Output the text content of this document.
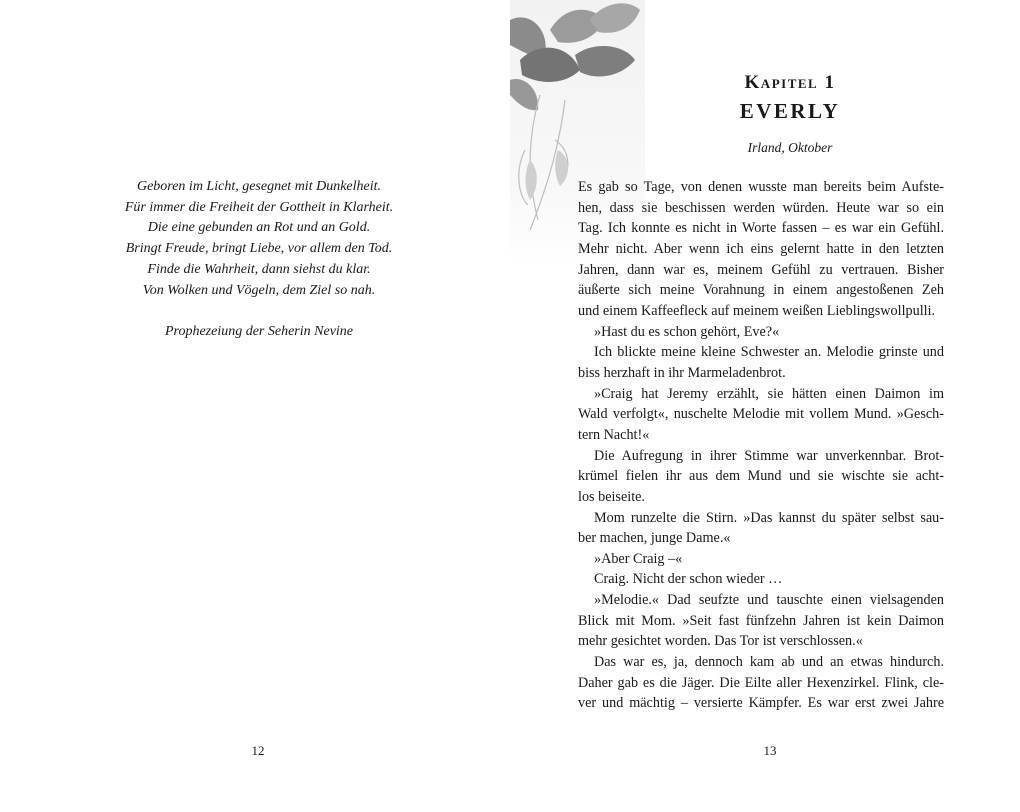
Geboren im Licht, gesegnet mit Dunkelheit.
Für immer die Freiheit der Gottheit in Klarheit.
Die eine gebunden an Rot und an Gold.
Bringt Freude, bringt Liebe, vor allem den Tod.
Finde die Wahrheit, dann siehst du klar.
Von Wolken und Vögeln, dem Ziel so nah.

Prophezeiung der Seherin Nevine

12
Kapitel 1
EVERLY

Irland, Oktober

Es gab so Tage, von denen wusste man bereits beim Aufste-
hen, dass sie beschissen werden würden. Heute war so ein
Tag. Ich konnte es nicht in Worte fassen – es war ein Gefühl.
Mehr nicht. Aber wenn ich eins gelernt hatte in den letzten
Jahren, dann war es, meinem Gefühl zu vertrauen. Bisher
äußerte sich meine Vorahnung in einem angestoßenen Zeh
und einem Kaffeefleck auf meinem weißen Lieblingswollpulli.
»Hast du es schon gehört, Eve?«
Ich blickte meine kleine Schwester an. Melodie grinste und
biss herzhaft in ihr Marmeladenbrot.
»Craig hat Jeremy erzählt, sie hätten einen Daimon im
Wald verfolgt«, nuschelte Melodie mit vollem Mund. »Gesch-
tern Nacht!«
Die Aufregung in ihrer Stimme war unverkennbar. Brot-
krümel fielen ihr aus dem Mund und sie wischte sie acht-
los beiseite.
Mom runzelte die Stirn. »Das kannst du später selbst sau-
ber machen, junge Dame.«
»Aber Craig –«
Craig. Nicht der schon wieder …
»Melodie.« Dad seufzte und tauschte einen vielsagenden
Blick mit Mom. »Seit fast fünfzehn Jahren ist kein Daimon
mehr gesichtet worden. Das Tor ist verschlossen.«
Das war es, ja, dennoch kam ab und an etwas hindurch.
Daher gab es die Jäger. Die Eilte aller Hexenzirkel. Flink, cle-
ver und mächtig – versierte Kämpfer. Es war erst zwei Jahre
13
